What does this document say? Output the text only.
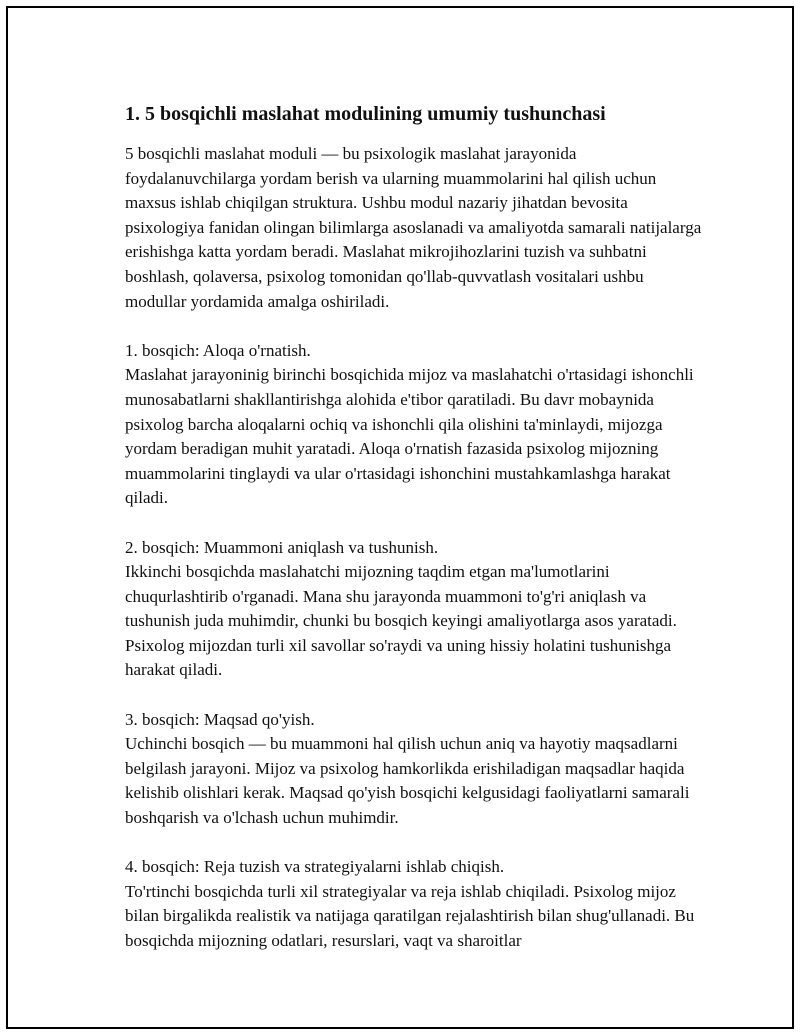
1. 5 bosqichli maslahat modulining umumiy tushunchasi

5 bosqichli maslahat moduli — bu psixologik maslahat jarayonida foydalanuvchilarga yordam berish va ularning muammolarini hal qilish uchun maxsus ishlab chiqilgan struktura. Ushbu modul nazariy jihatdan bevosita psixologiya fanidan olingan bilimlarga asoslanadi va amaliyotda samarali natijalarga erishishga katta yordam beradi. Maslahat mikrojihozlarini tuzish va suhbatni boshlash, qolaversa, psixolog tomonidan qo'llab-quvvatlash vositalari ushbu modullar yordamida amalga oshiriladi.

1. bosqich: Aloqa o'rnatish.

Maslahat jarayoninig birinchi bosqichida mijoz va maslahatchi o'rtasidagi ishonchli munosabatlarni shakllantirishga alohida e'tibor qaratiladi. Bu davr mobaynida psixolog barcha aloqalarni ochiq va ishonchli qila olishini ta'minlaydi, mijozga yordam beradigan muhit yaratadi. Aloqa o'rnatish fazasida psixolog mijozning muammolarini tinglaydi va ular o'rtasidagi ishonchini mustahkamlashga harakat qiladi.

2. bosqich: Muammoni aniqlash va tushunish.

Ikkinchi bosqichda maslahatchi mijozning taqdim etgan ma'lumotlarini chuqurlashtirib o'rganadi. Mana shu jarayonda muammoni to'g'ri aniqlash va tushunish juda muhimdir, chunki bu bosqich keyingi amaliyotlarga asos yaratadi. Psixolog mijozdan turli xil savollar so'raydi va uning hissiy holatini tushunishga harakat qiladi.

3. bosqich: Maqsad qo'yish.

Uchinchi bosqich — bu muammoni hal qilish uchun aniq va hayotiy maqsadlarni belgilash jarayoni. Mijoz va psixolog hamkorlikda erishiladigan maqsadlar haqida kelishib olishlari kerak. Maqsad qo'yish bosqichi kelgusidagi faoliyatlarni samarali boshqarish va o'lchash uchun muhimdir.

4. bosqich: Reja tuzish va strategiyalarni ishlab chiqish.

To'rtinchi bosqichda turli xil strategiyalar va reja ishlab chiqiladi. Psixolog mijoz bilan birgalikda realistik va natijaga qaratilgan rejalashtirish bilan shug'ullanadi. Bu bosqichda mijozning odatlari, resurslari, vaqt va sharoitlar
